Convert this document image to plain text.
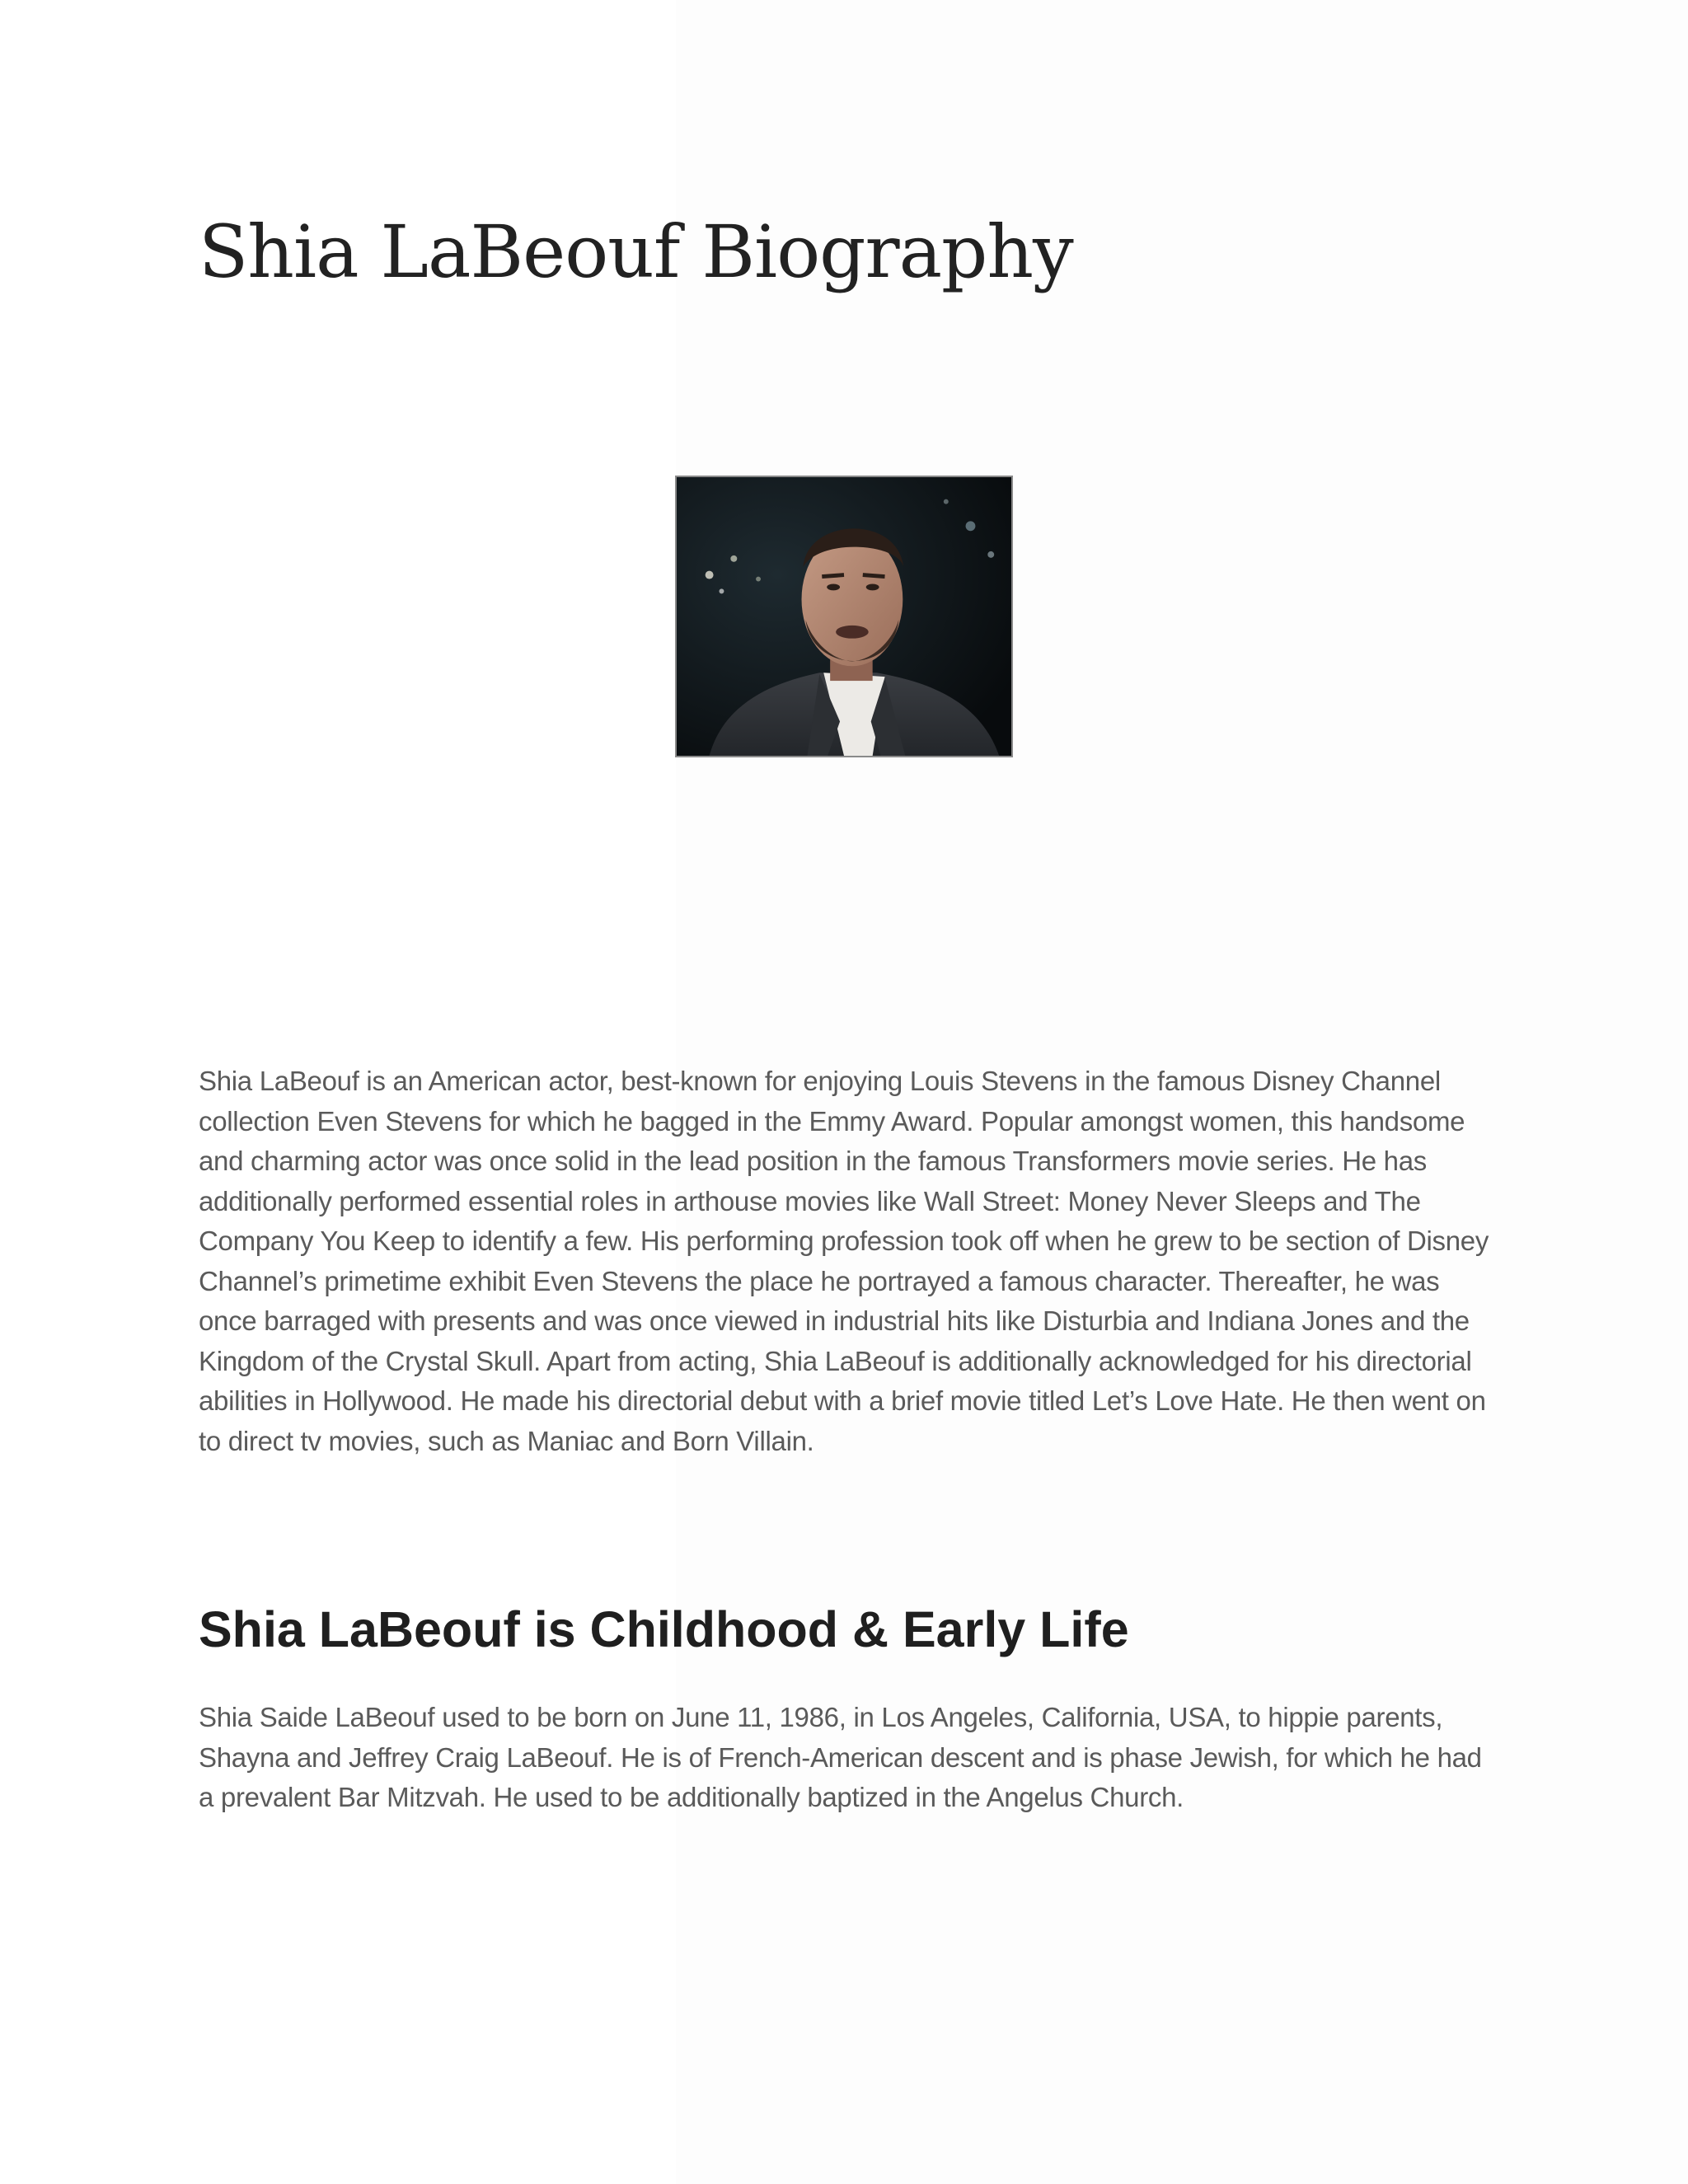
Shia LaBeouf Biography

Shia LaBeouf is an American actor, best-known for enjoying Louis Stevens in the famous Disney Channel collection Even Stevens for which he bagged in the Emmy Award. Popular amongst women, this handsome and charming actor was once solid in the lead position in the famous Transformers movie series. He has additionally performed essential roles in arthouse movies like Wall Street: Money Never Sleeps and The Company You Keep to identify a few. His performing profession took off when he grew to be section of Disney Channel’s primetime exhibit Even Stevens the place he portrayed a famous character. Thereafter, he was once barraged with presents and was once viewed in industrial hits like Disturbia and Indiana Jones and the Kingdom of the Crystal Skull. Apart from acting, Shia LaBeouf is additionally acknowledged for his directorial abilities in Hollywood. He made his directorial debut with a brief movie titled Let’s Love Hate. He then went on to direct tv movies, such as Maniac and Born Villain.

Shia LaBeouf is Childhood & Early Life

Shia Saide LaBeouf used to be born on June 11, 1986, in Los Angeles, California, USA, to hippie parents, Shayna and Jeffrey Craig LaBeouf. He is of French-American descent and is phase Jewish, for which he had a prevalent Bar Mitzvah. He used to be additionally baptized in the Angelus Church.
